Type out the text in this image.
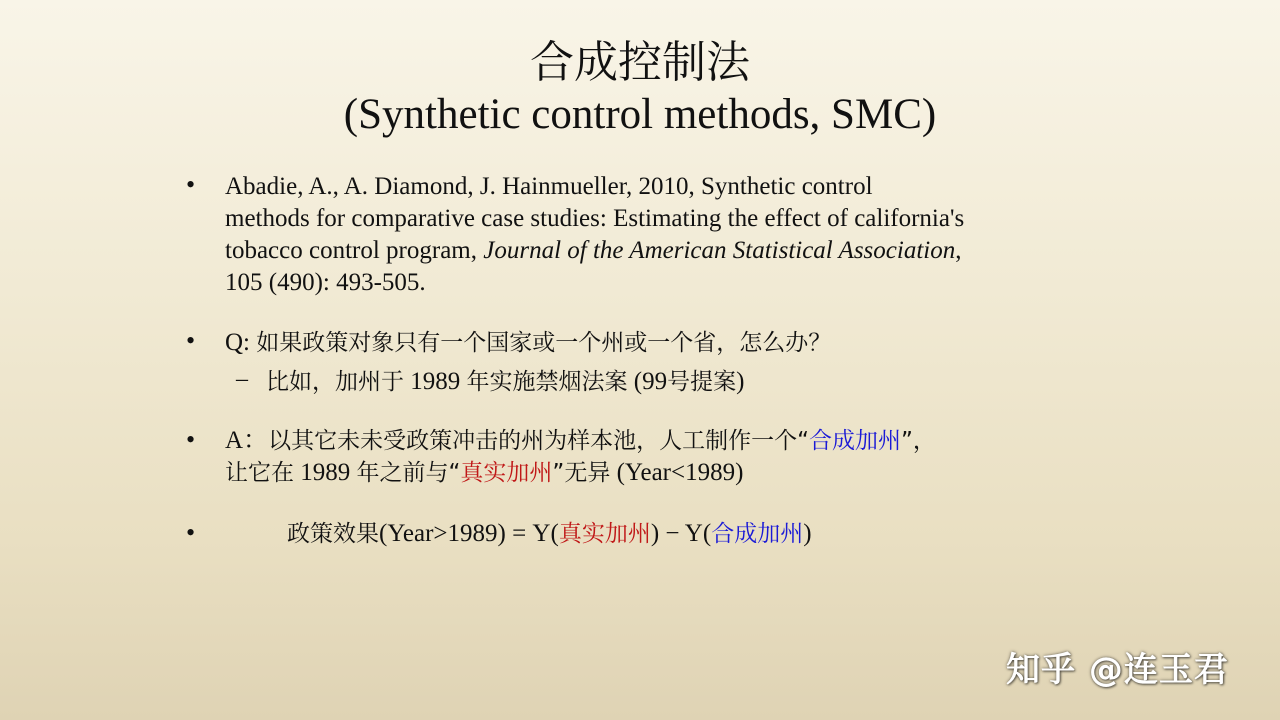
合成控制法
(Synthetic control methods, SMC)
• Abadie, A., A. Diamond, J. Hainmueller, 2010, Synthetic control
methods for comparative case studies: Estimating the effect of california's
tobacco control program, Journal of the American Statistical Association,
105 (490): 493-505.
• Q: 如果政策对象只有一个国家或一个州或一个省，怎么办？
– 比如，加州于 1989 年实施禁烟法案 (99号提案)
• A：以其它未未受政策冲击的州为样本池，人工制作一个“合成加州”，
让它在 1989 年之前与“真实加州”无异 (Year<1989)
•	政策效果(Year>1989) = Y(真实加州) − Y(合成加州)
知乎 @连玉君
